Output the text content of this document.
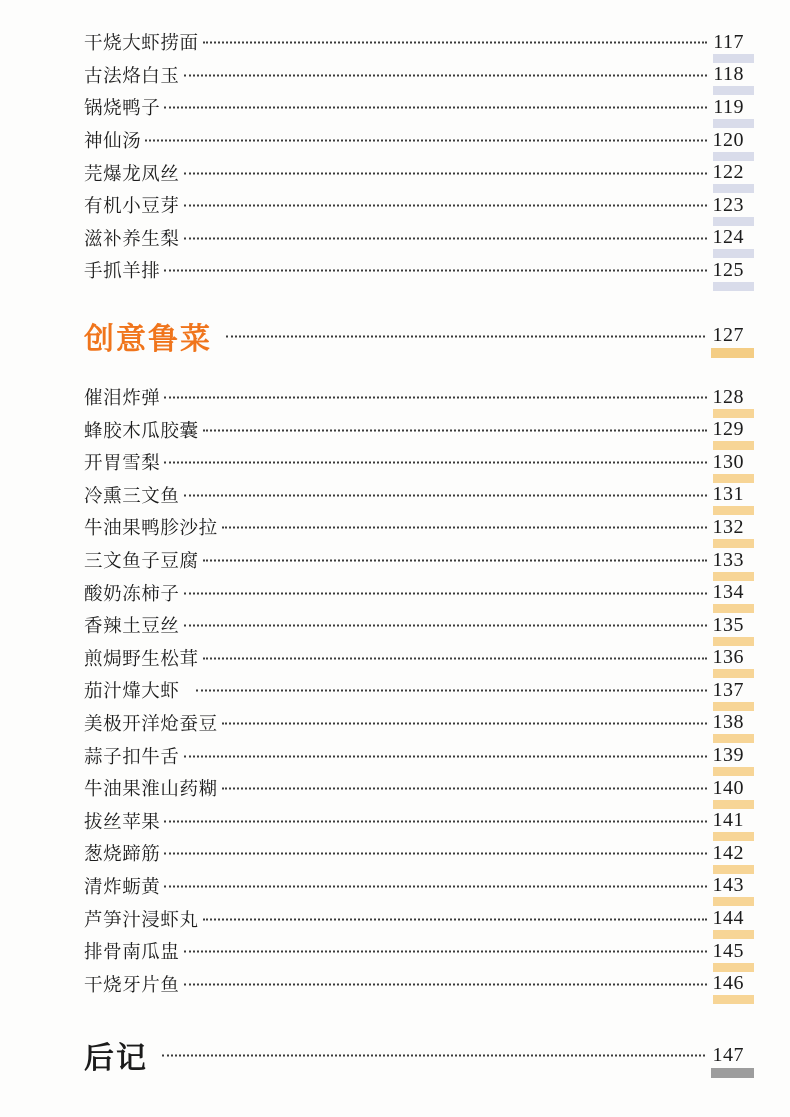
干烧大虾捞面	117
古法烙白玉	118
锅烧鸭子	119
神仙汤	120
芫爆龙凤丝	122
有机小豆芽	123
滋补养生梨	124
手抓羊排	125
创意鲁菜	127
催泪炸弹	128
蜂胶木瓜胶囊	129
开胃雪梨	130
冷熏三文鱼	131
牛油果鸭胗沙拉	132
三文鱼子豆腐	133
酸奶冻柿子	134
香辣土豆丝	135
煎焗野生松茸	136
茄汁㸆大虾	137
美极开洋炝蚕豆	138
蒜子扣牛舌	139
牛油果淮山药糊	140
拔丝苹果	141
葱烧蹄筋	142
清炸蛎黄	143
芦笋汁浸虾丸	144
排骨南瓜盅	145
干烧牙片鱼	146
后记	147
